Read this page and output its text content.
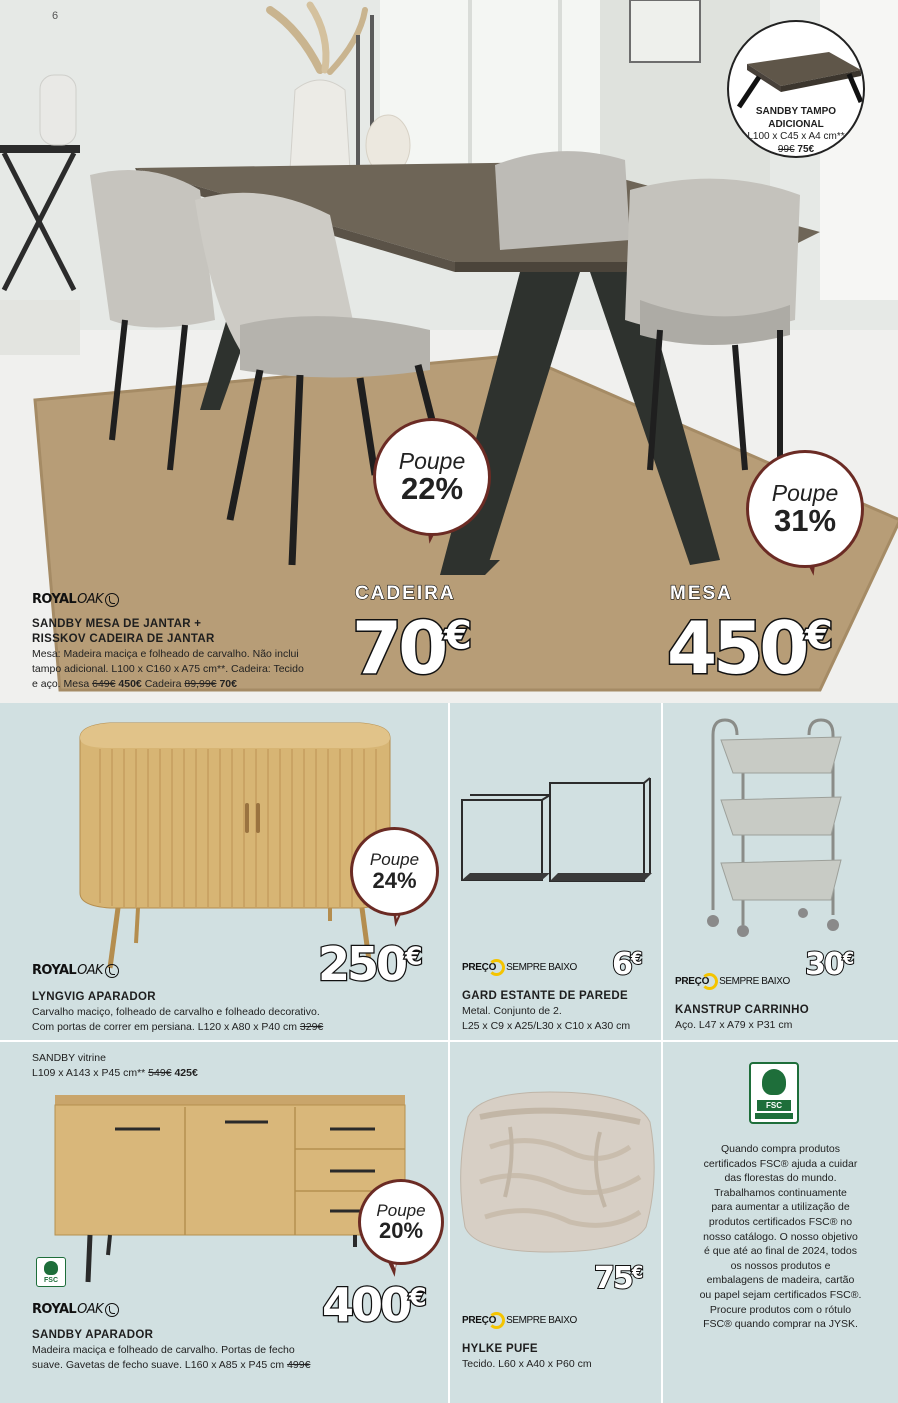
6
SANDBY TAMPO
ADICIONAL
L100 x C45 x A4 cm**
99€ 75€
Poupe
22%	Poupe
31%
CADEIRA
70€
MESA
450€
ROYAL OAK
SANDBY MESA DE JANTAR +
RISSKOV CADEIRA DE JANTAR
Mesa: Madeira maciça e folheado de carvalho. Não inclui
tampo adicional. L100 x C160 x A75 cm**. Cadeira: Tecido
e aço. Mesa 649€ 450€ Cadeira 89,99€ 70€
Poupe
24%
250€
ROYAL OAK
LYNGVIG APARADOR
Carvalho maciço, folheado de carvalho e folheado decorativo.
Com portas de correr em persiana. L120 x A80 x P40 cm 329€
6€
PREÇO SEMPRE BAIXO
GARD ESTANTE DE PAREDE
Metal. Conjunto de 2.
L25 x C9 x A25/L30 x C10 x A30 cm
30€
PREÇO SEMPRE BAIXO
KANSTRUP CARRINHO
Aço. L47 x A79 x P31 cm
SANDBY vitrine
L109 x A143 x P45 cm** 549€ 425€
Poupe
20%
FSC	400€
ROYAL OAK
SANDBY APARADOR
Madeira maciça e folheado de carvalho. Portas de fecho
suave. Gavetas de fecho suave. L160 x A85 x P45 cm 499€
75€
PREÇO SEMPRE BAIXO
HYLKE PUFE
Tecido. L60 x A40 x P60 cm
FSC
Quando compra produtos
certificados FSC® ajuda a cuidar
das florestas do mundo.
Trabalhamos continuamente
para aumentar a utilização de
produtos certificados FSC® no
nosso catálogo. O nosso objetivo
é que até ao final de 2024, todos
os nossos produtos e
embalagens de madeira, cartão
ou papel sejam certificados FSC®.
Procure produtos com o rótulo
FSC® quando comprar na JYSK.
